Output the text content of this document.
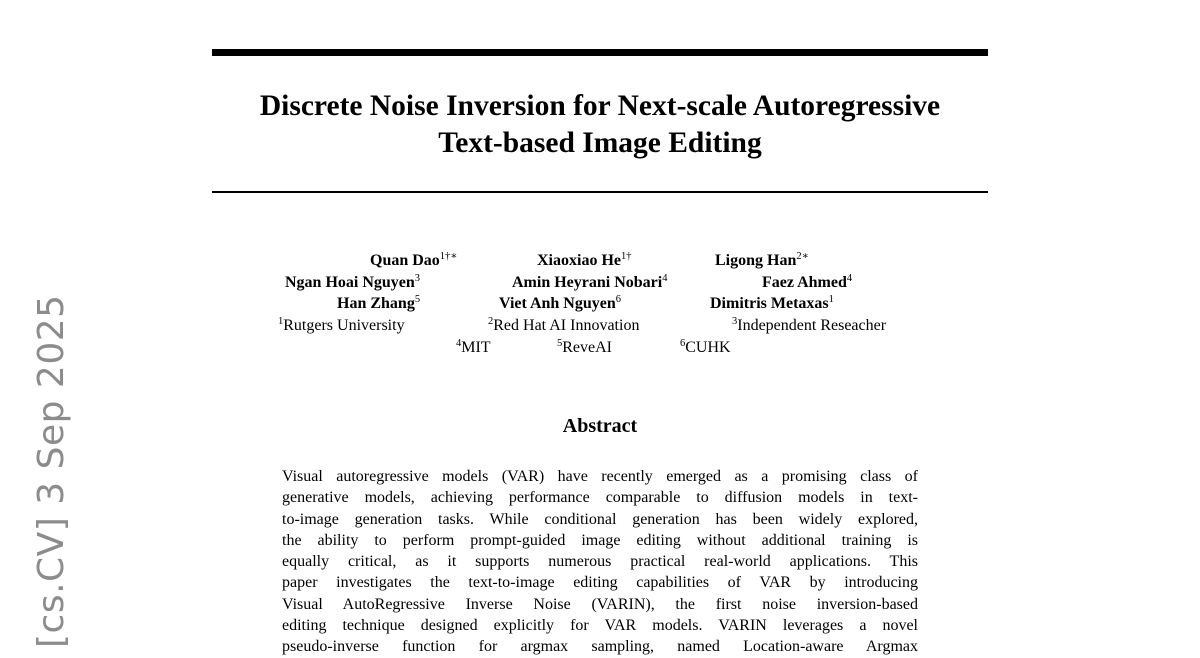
[cs.CV] 3 Sep 2025
Discrete Noise Inversion for Next-scale Autoregressive
Text-based Image Editing
Quan Dao$^{1\dagger∗}$	Xiaoxiao $He^{1\dagger}$	Ligong Han$^{2∗}$
Ngan Hoai Nguyen$^3$	Amin Heyrani Nobari$^4$	Faez Ahmed$^4$
Han Zhang$^5$	Viet Anh Nguyen$^6$	Dimitris Metaxas$^1$
$^1$Rutgers University	$^2$Red Hat AI Innovation	$^3$Independent Reseacher
$^4$MIT	$^5$ReveAI	$^6$CUHK
Abstract
Visual autoregressive models (VAR) have recently emerged as a promising class of
generative models, achieving performance comparable to diffusion models in text-
to-image generation tasks. While conditional generation has been widely explored,
the ability to perform prompt-guided image editing without additional training is
equally critical, as it supports numerous practical real-world applications. This
paper investigates the text-to-image editing capabilities of VAR by introducing
Visual AutoRegressive Inverse Noise (VARIN), the first noise inversion-based
editing technique designed explicitly for VAR models. VARIN leverages a novel
pseudo-inverse function for argmax sampling, named Location-aware Argmax
